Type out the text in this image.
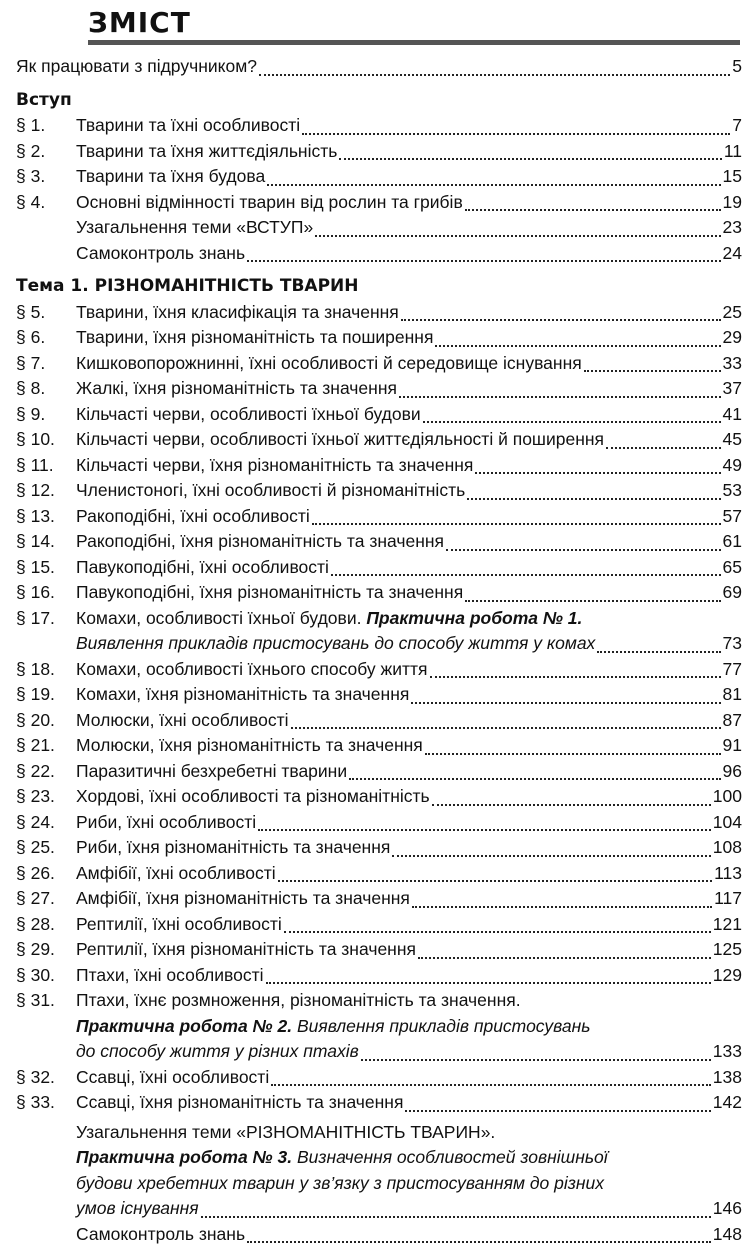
ЗМІСТ
Як працювати з підручником?	5
Вступ
§ 1.	Тварини та їхні особливості	7
§ 2.	Тварини та їхня життєдіяльність	11
§ 3.	Тварини та їхня будова	15
§ 4.	Основні відмінності тварин від рослин та грибів	19
Узагальнення теми «ВСТУП»	23
Самоконтроль знань	24
Тема 1. РІЗНОМАНІТНІСТЬ ТВАРИН
§ 5.	Тварини, їхня класифікація та значення	25
§ 6.	Тварини, їхня різноманітність та поширення	29
§ 7.	Кишковопорожнинні, їхні особливості й середовище існування	33
§ 8.	Жалкі, їхня різноманітність та значення	37
§ 9.	Кільчасті черви, особливості їхньої будови	41
§ 10.	Кільчасті черви, особливості їхньої життєдіяльності й поширення	45
§ 11.	Кільчасті черви, їхня різноманітність та значення	49
§ 12.	Членистоногі, їхні особливості й різноманітність	53
§ 13.	Ракоподібні, їхні особливості	57
§ 14.	Ракоподібні, їхня різноманітність та значення	61
§ 15.	Павукоподібні, їхні особливості	65
§ 16.	Павукоподібні, їхня різноманітність та значення	69
§ 17.	Комахи, особливості їхньої будови. Практична робота № 1.
Виявлення прикладів пристосувань до способу життя у комах	73
§ 18.	Комахи, особливості їхнього способу життя	77
§ 19.	Комахи, їхня різноманітність та значення	81
§ 20.	Молюски, їхні особливості	87
§ 21.	Молюски, їхня різноманітність та значення	91
§ 22.	Паразитичні безхребетні тварини	96
§ 23.	Хордові, їхні особливості та різноманітність	100
§ 24.	Риби, їхні особливості	104
§ 25.	Риби, їхня різноманітність та значення	108
§ 26.	Амфібії, їхні особливості	113
§ 27.	Амфібії, їхня різноманітність та значення	117
§ 28.	Рептилії, їхні особливості	121
§ 29.	Рептилії, їхня різноманітність та значення	125
§ 30.	Птахи, їхні особливості	129
§ 31.	Птахи, їхнє розмноження, різноманітність та значення.
Практична робота № 2. Виявлення прикладів пристосувань
до способу життя у різних птахів	133
§ 32.	Ссавці, їхні особливості	138
§ 33.	Ссавці, їхня різноманітність та значення	142
Узагальнення теми «РІЗНОМАНІТНІСТЬ ТВАРИН».
Практична робота № 3. Визначення особливостей зовнішньої
будови хребетних тварин у зв’язку з пристосуванням до різних
умов існування	146
Самоконтроль знань	148
